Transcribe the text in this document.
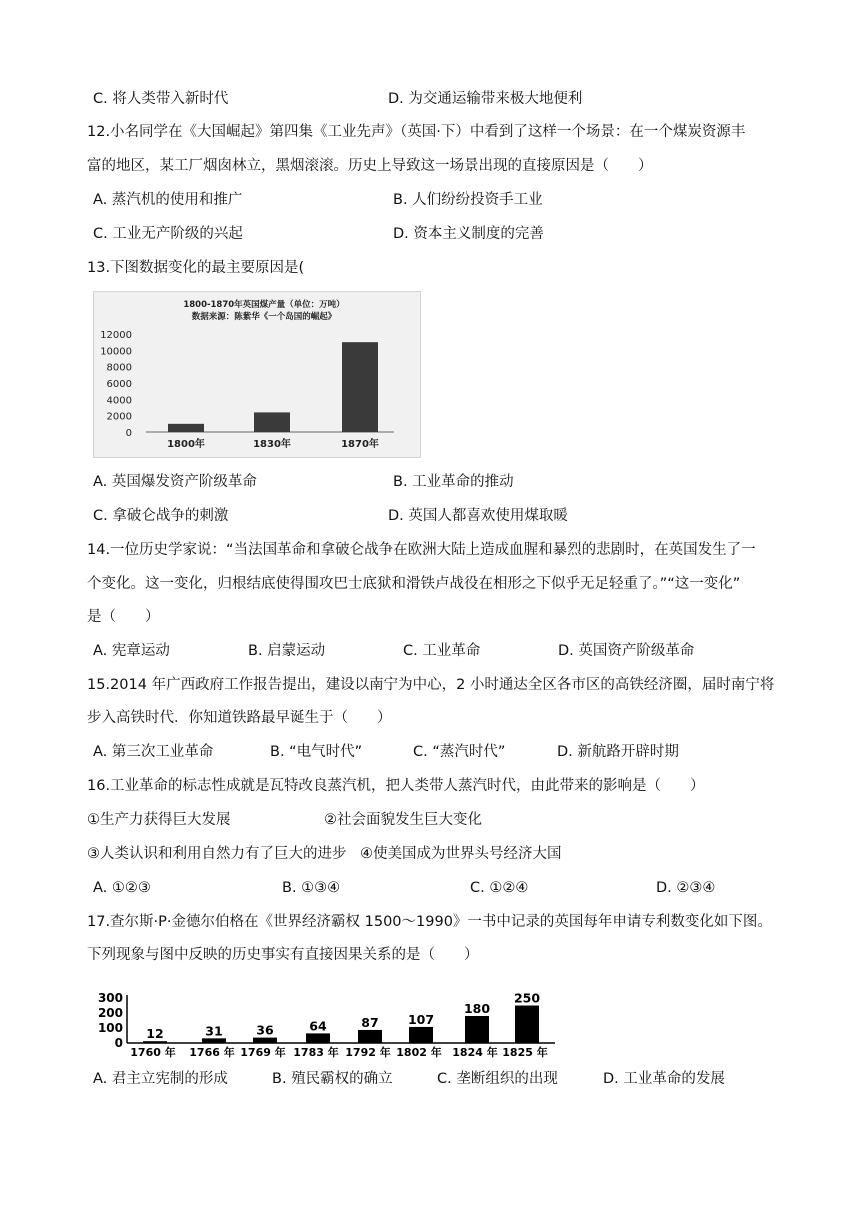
C. 将人类带入新时代	D. 为交通运输带来极大地便利
12.小名同学在《大国崛起》第四集《工业先声》（英国·下）中看到了这样一个场景：在一个煤炭资源丰
富的地区，某工厂烟囱林立，黑烟滚滚。历史上导致这一场景出现的直接原因是（　　）
A. 蒸汽机的使用和推广	B. 人们纷纷投资手工业
C. 工业无产阶级的兴起	D. 资本主义制度的完善
13.下图数据变化的最主要原因是(
1800-1870年英国煤产量（单位：万吨）
数据来源：陈紫华《一个岛国的崛起》
12000
10000
8000
6000
4000
2000
0
1800年	1830年	1870年
A. 英国爆发资产阶级革命	B. 工业革命的推动
C. 拿破仑战争的刺激	D. 英国人都喜欢使用煤取暖
14.一位历史学家说：“当法国革命和拿破仑战争在欧洲大陆上造成血腥和暴烈的悲剧时，在英国发生了一
个变化。这一变化，归根结底使得围攻巴士底狱和滑铁卢战役在相形之下似乎无足轻重了。”“这一变化”
是（　　）
A. 宪章运动	B. 启蒙运动	C. 工业革命	D. 英国资产阶级革命
15.2014 年广西政府工作报告提出，建设以南宁为中心，2 小时通达全区各市区的高铁经济圈，届时南宁将
步入高铁时代．你知道铁路最早诞生于（　　）
A. 第三次工业革命	B. “电气时代”	C. “蒸汽时代”	D. 新航路开辟时期
16.工业革命的标志性成就是瓦特改良蒸汽机，把人类带人蒸汽时代，由此带来的影响是（　　）
①生产力获得巨大发展	②社会面貌发生巨大变化
③人类认识和利用自然力有了巨大的进步 ④使美国成为世界头号经济大国
A. ①②③	B. ①③④	C. ①②④	D. ②③④
17.查尔斯·P·金德尔伯格在《世界经济霸权 1500～1990》一书中记录的英国每年申请专利数变化如下图。
下列现象与图中反映的历史事实有直接因果关系的是（　　）
300
200
100
0
12	31	36	64	87 107
180
250
1760 年 1766 年 1769 年 1783 年 1792 年 1802 年 1824 年 1825 年
A. 君主立宪制的形成	B. 殖民霸权的确立	C. 垄断组织的出现	D. 工业革命的发展
